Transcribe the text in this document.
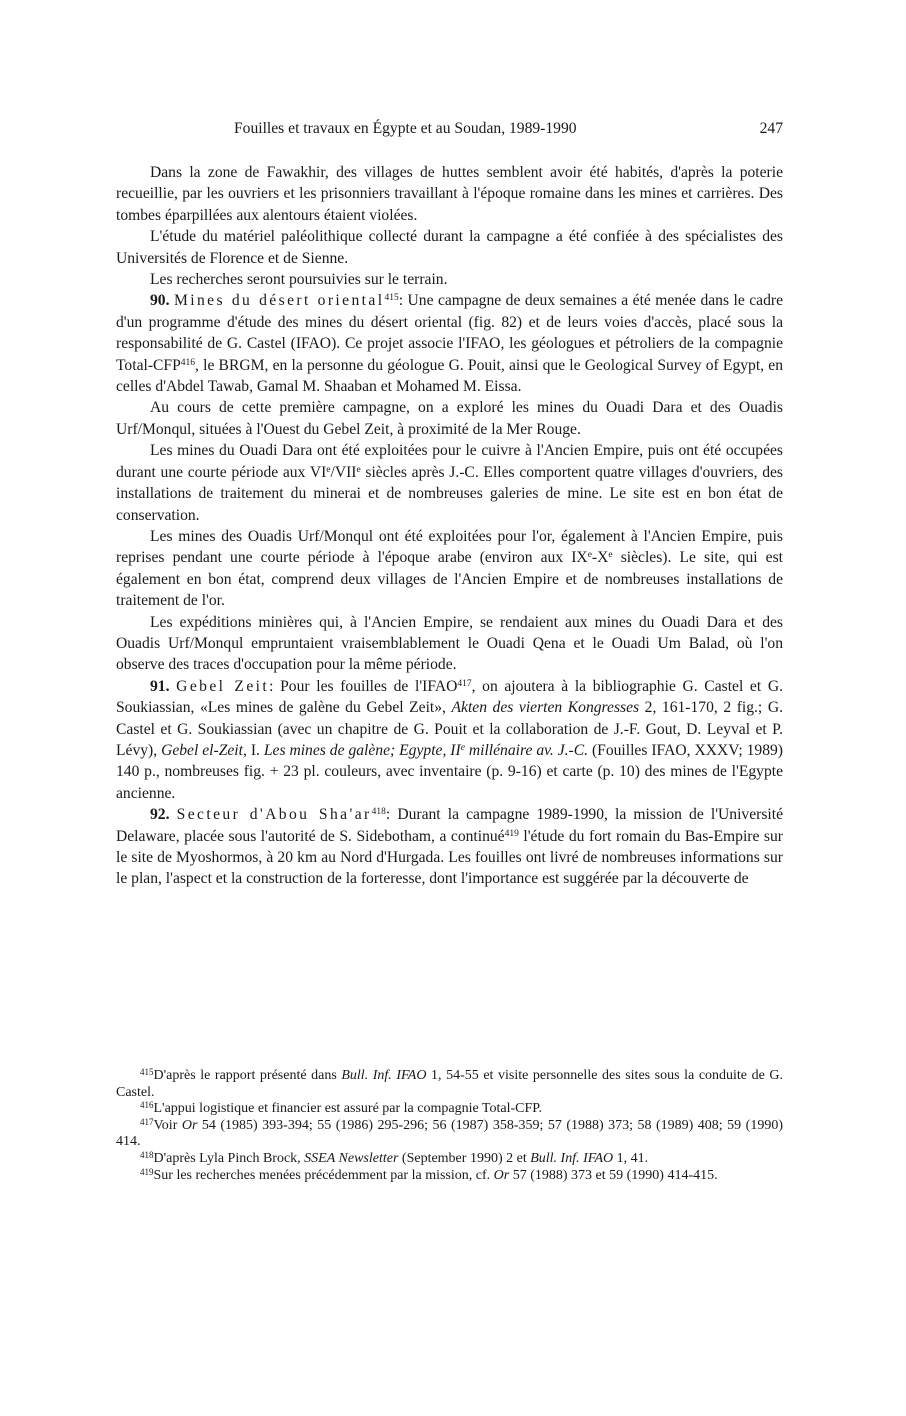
Fouilles et travaux en Égypte et au Soudan, 1989-1990	247

Dans la zone de Fawakhir, des villages de huttes semblent avoir été habités, d'après la poterie recueillie, par les ouvriers et les prisonniers travaillant à l'époque romaine dans les mines et carrières. Des tombes éparpillées aux alentours étaient violées.

L'étude du matériel paléolithique collecté durant la campagne a été confiée à des spécialistes des Universités de Florence et de Sienne.

Les recherches seront poursuivies sur le terrain.

90. Mines du désert oriental$^{415}$: Une campagne de deux semaines a été menée dans le cadre d'un programme d'étude des mines du désert oriental (fig. 82) et de leurs voies d'accès, placé sous la responsabilité de G. Castel (IFAO). Ce projet associe l'IFAO, les géologues et pétroliers de la compagnie Total-CFP$^{416}$, le BRGM, en la personne du géologue G. Pouit, ainsi que le Geological Survey of Egypt, en celles d'Abdel Tawab, Gamal M. Shaaban et Mohamed M. Eissa.

Au cours de cette première campagne, on a exploré les mines du Ouadi Dara et des Ouadis Urf/Monqul, situées à l'Ouest du Gebel Zeit, à proximité de la Mer Rouge.

Les mines du Ouadi Dara ont été exploitées pour le cuivre à l'Ancien Empire, puis ont été occupées durant une courte période aux VIe/VIIe siècles après J.-C. Elles comportent quatre villages d'ouvriers, des installations de traitement du minerai et de nombreuses galeries de mine. Le site est en bon état de conservation.

Les mines des Ouadis Urf/Monqul ont été exploitées pour l'or, également à l'Ancien Empire, puis reprises pendant une courte période à l'époque arabe (environ aux IXe-Xe siècles). Le site, qui est également en bon état, comprend deux villages de l'Ancien Empire et de nombreuses installations de traitement de l'or.

Les expéditions minières qui, à l'Ancien Empire, se rendaient aux mines du Ouadi Dara et des Ouadis Urf/Monqul empruntaient vraisemblablement le Ouadi Qena et le Ouadi Um Balad, où l'on observe des traces d'occupation pour la même période.

91. Gebel Zeit: Pour les fouilles de l'IFAO$^{417}$, on ajoutera à la bibliographie G. Castel et G. Soukiassian, «Les mines de galène du Gebel Zeit», Akten des vierten Kongresses 2, 161-170, 2 fig.; G. Castel et G. Soukiassian (avec un chapitre de G. Pouit et la collaboration de J.-F. Gout, D. Leyval et P. Lévy), Gebel el-Zeit, I. Les mines de galène; Egypte, IIe millénaire av. J.-C. (Fouilles IFAO, XXXV; 1989) 140 p., nombreuses fig. + 23 pl. couleurs, avec inventaire (p. 9-16) et carte (p. 10) des mines de l'Egypte ancienne.

92. Secteur d'Abou $Sha'ar^{418}$: Durant la campagne 1989-1990, la mission de l'Université Delaware, placée sous l'autorité de S. Sidebotham, a continué$^{419}$ l'étude du fort romain du Bas-Empire sur le site de Myoshormos, à 20 km au Nord d'Hurgada. Les fouilles ont livré de nombreuses informations sur le plan, l'aspect et la construction de la forteresse, dont l'importance est suggérée par la découverte de

$^{415}$D'après le rapport présenté dans Bull. Inf. IFAO 1, 54-55 et visite personnelle des sites sous la conduite de G. Castel.

$^{416}$L'appui logistique et financier est assuré par la compagnie Total-CFP.

$^{417}$Voir Or 54 (1985) 393-394; 55 (1986) 295-296; 56 (1987) 358-359; 57 (1988) 373; 58 (1989) 408; 59 (1990) 414.

$^{418}$D'après Lyla Pinch Brock, SSEA Newsletter (September 1990) 2 et Bull. Inf. IFAO 1, 41.

$^{419}$Sur les recherches menées précédemment par la mission, cf. Or 57 (1988) 373 et 59 (1990) 414-415.
